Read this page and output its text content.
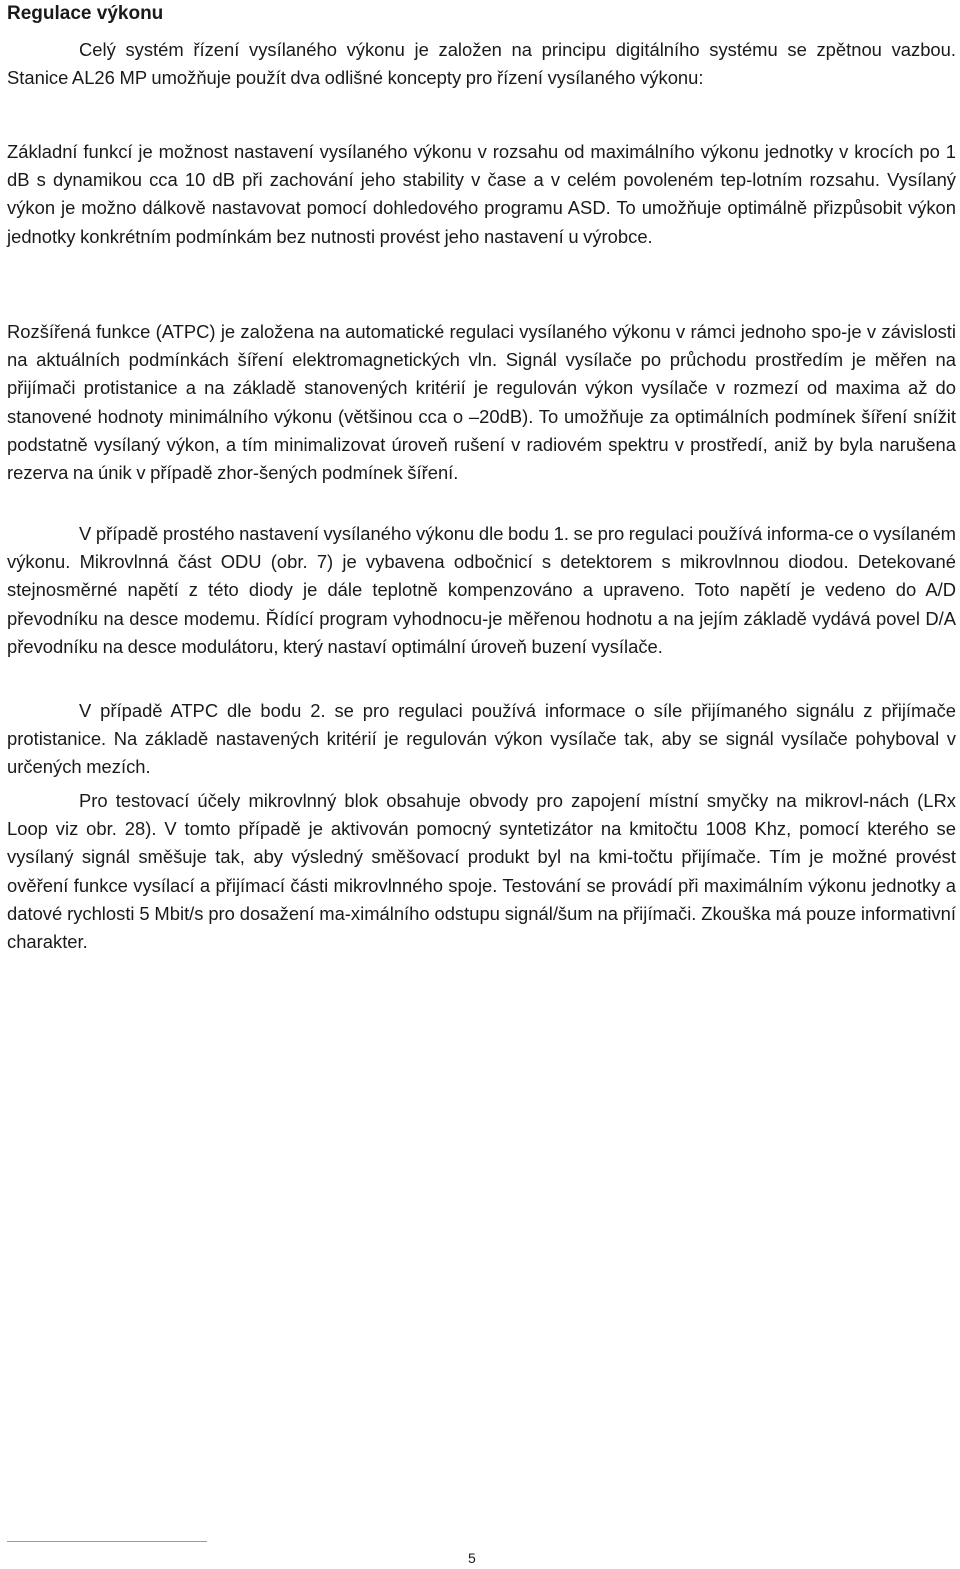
Regulace výkonu

Celý systém řízení vysílaného výkonu je založen na principu digitálního systému se zpětnou vazbou. Stanice AL26 MP umožňuje použít dva odlišné koncepty pro řízení vysílaného výkonu:

Základní funkcí je možnost nastavení vysílaného výkonu v rozsahu od maximálního výkonu jednotky v krocích po 1 dB s dynamikou cca 10 dB při zachování jeho stability v čase a v celém povoleném tep-lotním rozsahu. Vysílaný výkon je možno dálkově nastavovat pomocí dohledového programu ASD. To umožňuje optimálně přizpůsobit výkon jednotky konkrétním podmínkám bez nutnosti provést jeho nastavení u výrobce.

Rozšířená funkce (ATPC) je založena na automatické regulaci vysílaného výkonu v rámci jednoho spo-je v závislosti na aktuálních podmínkách šíření elektromagnetických vln. Signál vysílače po průchodu prostředím je měřen na přijímači protistanice a na základě stanovených kritérií je regulován výkon vysílače v rozmezí od maxima až do stanovené hodnoty minimálního výkonu (většinou cca o –20dB). To umožňuje za optimálních podmínek šíření snížit podstatně vysílaný výkon, a tím minimalizovat úroveň rušení v radiovém spektru v prostředí, aniž by byla narušena rezerva na únik v případě zhor-šených podmínek šíření.

V případě prostého nastavení vysílaného výkonu dle bodu 1. se pro regulaci používá informa-ce o vysílaném výkonu. Mikrovlnná část ODU (obr. 7) je vybavena odbočnicí s detektorem s mikrovlnnou diodou. Detekované stejnosměrné napětí z této diody je dále teplotně kompenzováno a upraveno. Toto napětí je vedeno do A/D převodníku na desce modemu. Řídící program vyhodnocu-je měřenou hodnotu a na jejím základě vydává povel D/A převodníku na desce modulátoru, který nastaví optimální úroveň buzení vysílače.

V případě ATPC dle bodu 2. se pro regulaci používá informace o síle přijímaného signálu z přijímače protistanice. Na základě nastavených kritérií je regulován výkon vysílače tak, aby se signál vysílače pohyboval v určených mezích.

Pro testovací účely mikrovlnný blok obsahuje obvody pro zapojení místní smyčky na mikrovl-nách (LRx Loop viz obr. 28). V tomto případě je aktivován pomocný syntetizátor na kmitočtu 1008 Khz, pomocí kterého se vysílaný signál směšuje tak, aby výsledný směšovací produkt byl na kmi-točtu přijímače. Tím je možné provést ověření funkce vysílací a přijímací části mikrovlnného spoje. Testování se provádí při maximálním výkonu jednotky a datové rychlosti 5 Mbit/s pro dosažení ma-ximálního odstupu signál/šum na přijímači. Zkouška má pouze informativní charakter.

5
